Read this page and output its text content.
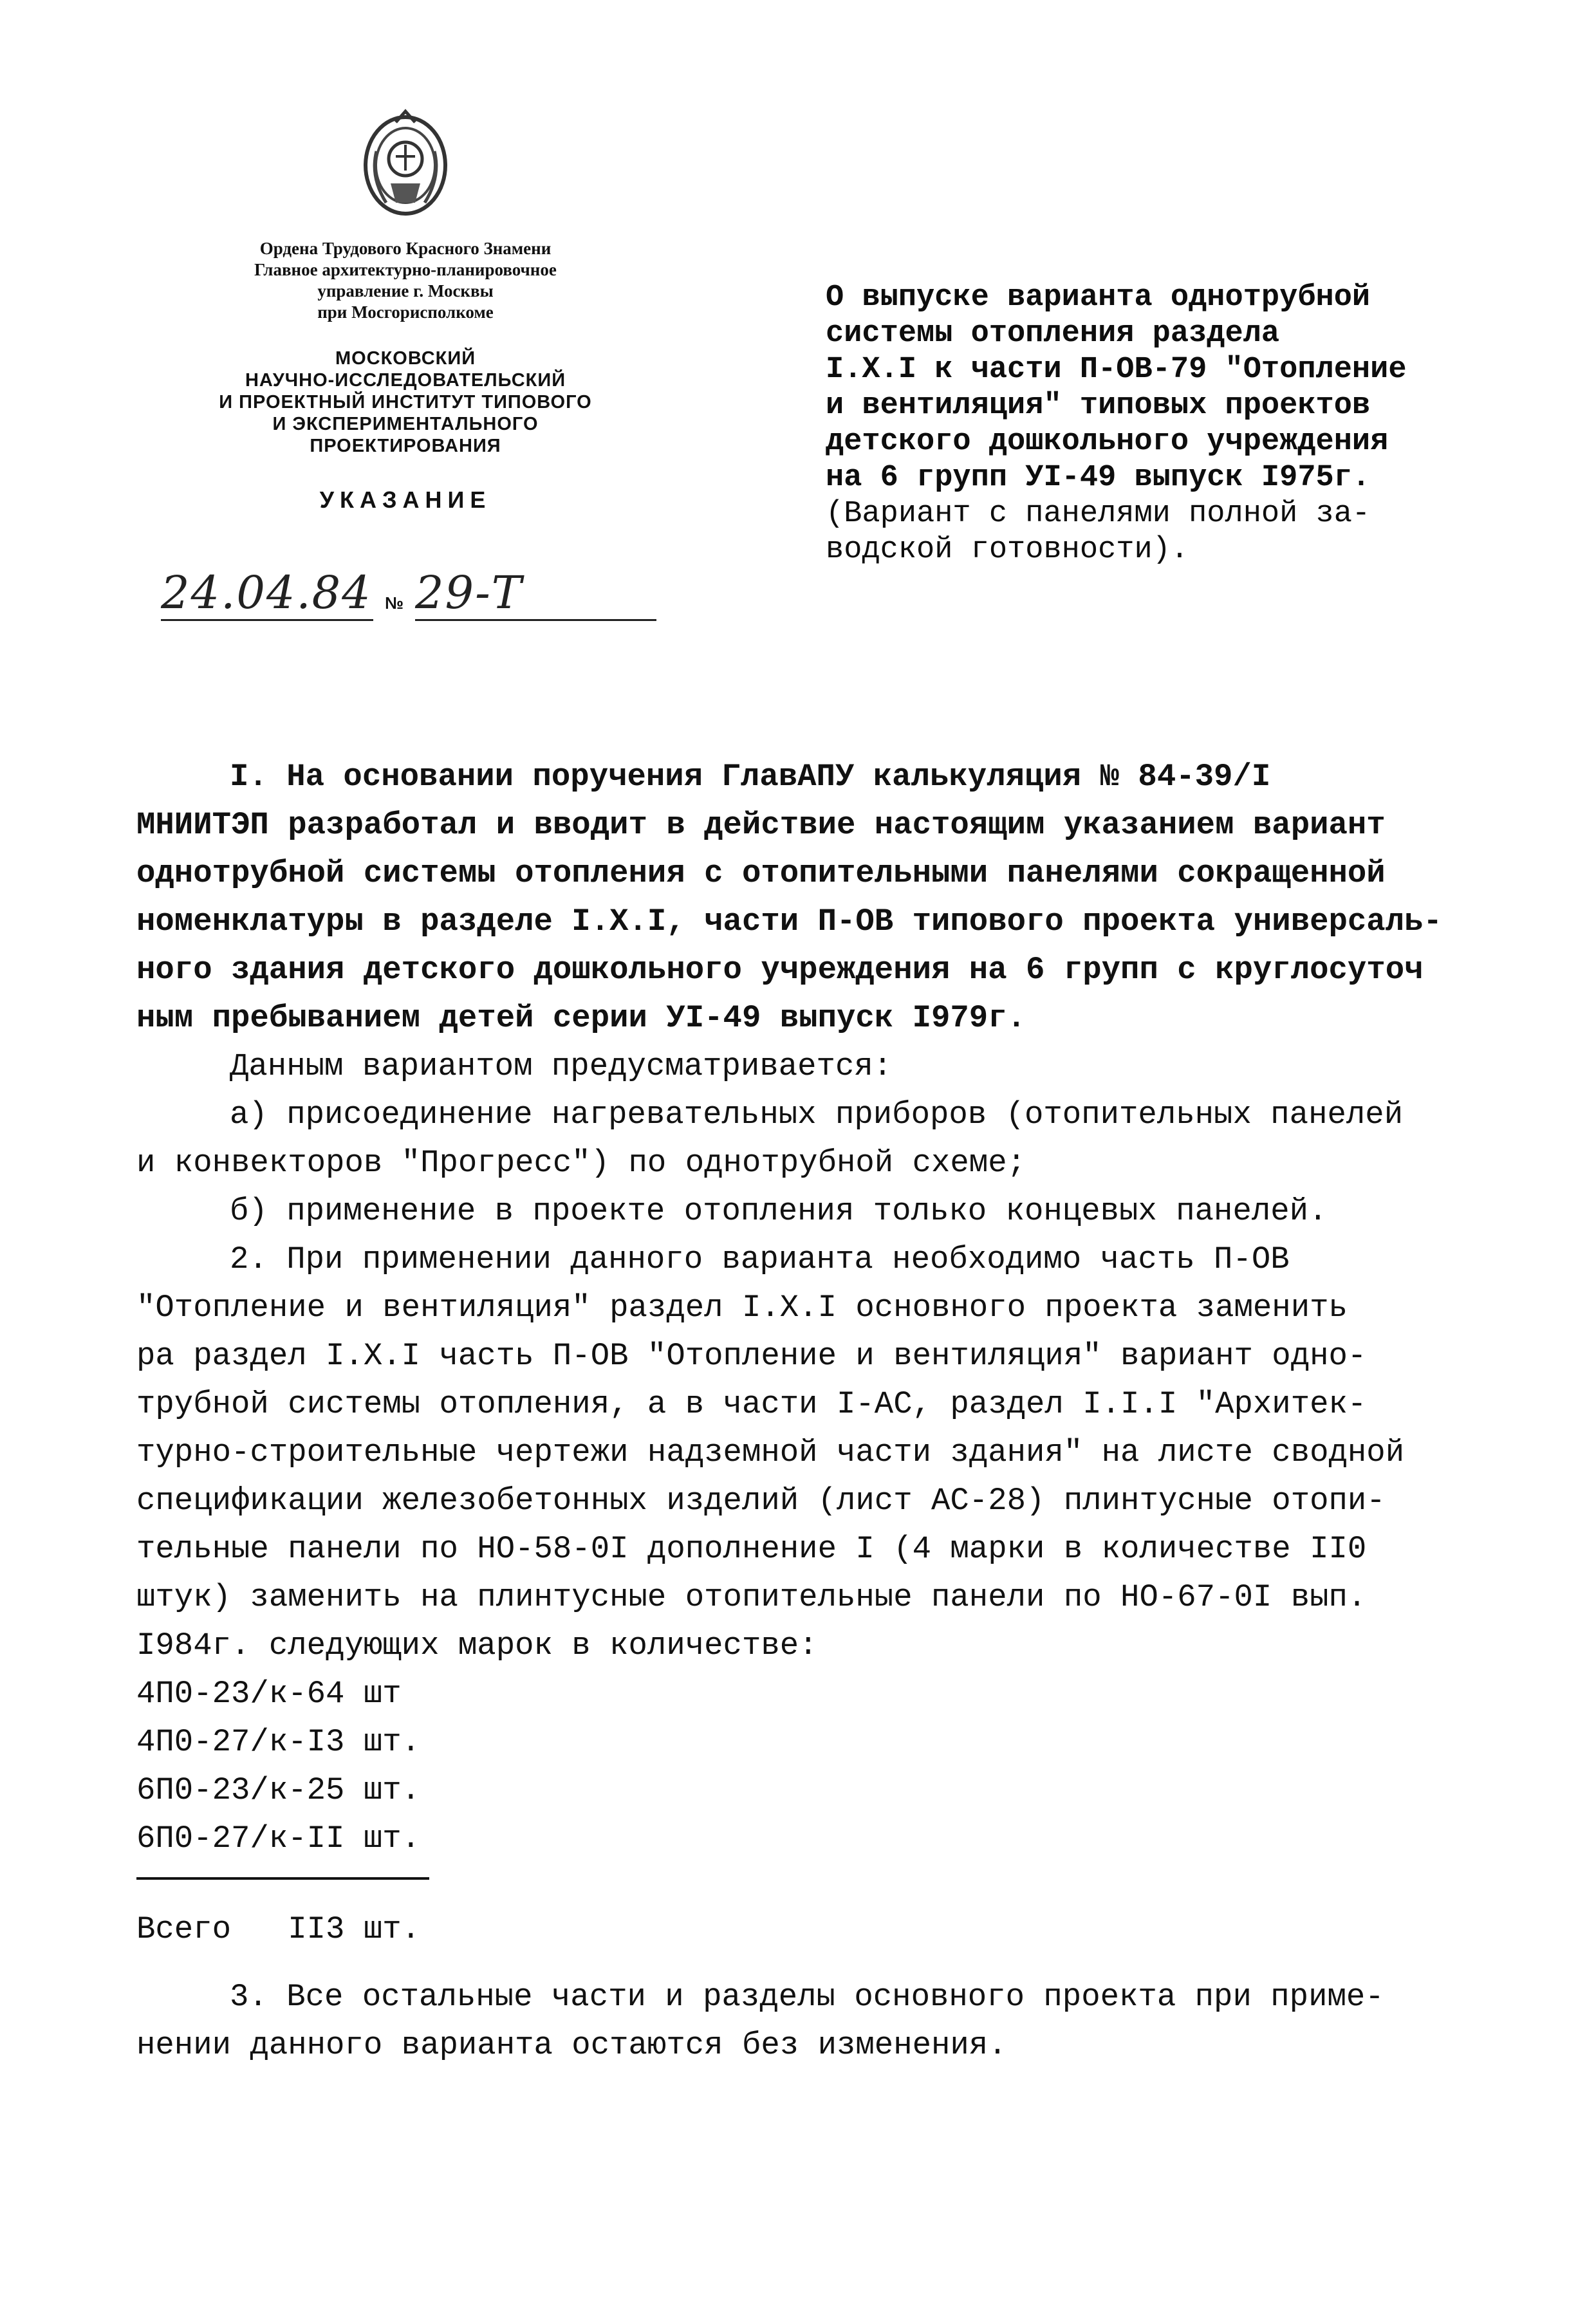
Ордена Трудового Красного Знамени
Главное архитектурно-планировочное
управление г. Москвы
при Мосгорисполкоме
МОСКОВСКИЙ
НАУЧНО-ИССЛЕДОВАТЕЛЬСКИЙ
И ПРОЕКТНЫЙ ИНСТИТУТ ТИПОВОГО
И ЭКСПЕРИМЕНТАЛЬНОГО
ПРОЕКТИРОВАНИЯ
УКАЗАНИЕ
24.04.84 № 29-Т
О выпуске варианта однотрубной
системы отопления раздела
I.X.I к части П-ОВ-79 "Отопление
и вентиляция" типовых проектов
детского дошкольного учреждения
на 6 групп УI-49 выпуск I975г.
(Вариант с панелями полной за-
водской готовности).
I. На основании поручения ГлавАПУ калькуляция № 84-39/I
МНИИТЭП разработал и вводит в действие настоящим указанием вариант
однотрубной системы отопления с отопительными панелями сокращенной
номенклатуры в разделе I.X.I, части П-ОВ типового проекта универсаль-
ного здания детского дошкольного учреждения на 6 групп с круглосуточ
ным пребыванием детей серии УI-49 выпуск I979г.
Данным вариантом предусматривается:
а) присоединение нагревательных приборов (отопительных панелей
и конвекторов "Прогресс") по однотрубной схеме;
б) применение в проекте отопления только концевых панелей.
2. При применении данного варианта необходимо часть П-ОВ
"Отопление и вентиляция" раздел I.X.I основного проекта заменить
ра раздел I.X.I часть П-ОВ "Отопление и вентиляция" вариант одно-
трубной системы отопления, а в части I-АС, раздел I.I.I "Архитек-
турно-строительные чертежи надземной части здания" на листе сводной
спецификации железобетонных изделий (лист АС-28) плинтусные отопи-
тельные панели по НО-58-0I дополнение I (4 марки в количестве II0
штук) заменить на плинтусные отопительные панели по НО-67-0I вып.
I984г. следующих марок в количестве:
4П0-23/к-64 шт
4П0-27/к-I3 шт.
6П0-23/к-25 шт.
6П0-27/к-II шт.
Всего II3 шт.
3. Все остальные части и разделы основного проекта при приме-
нении данного варианта остаются без изменения.
